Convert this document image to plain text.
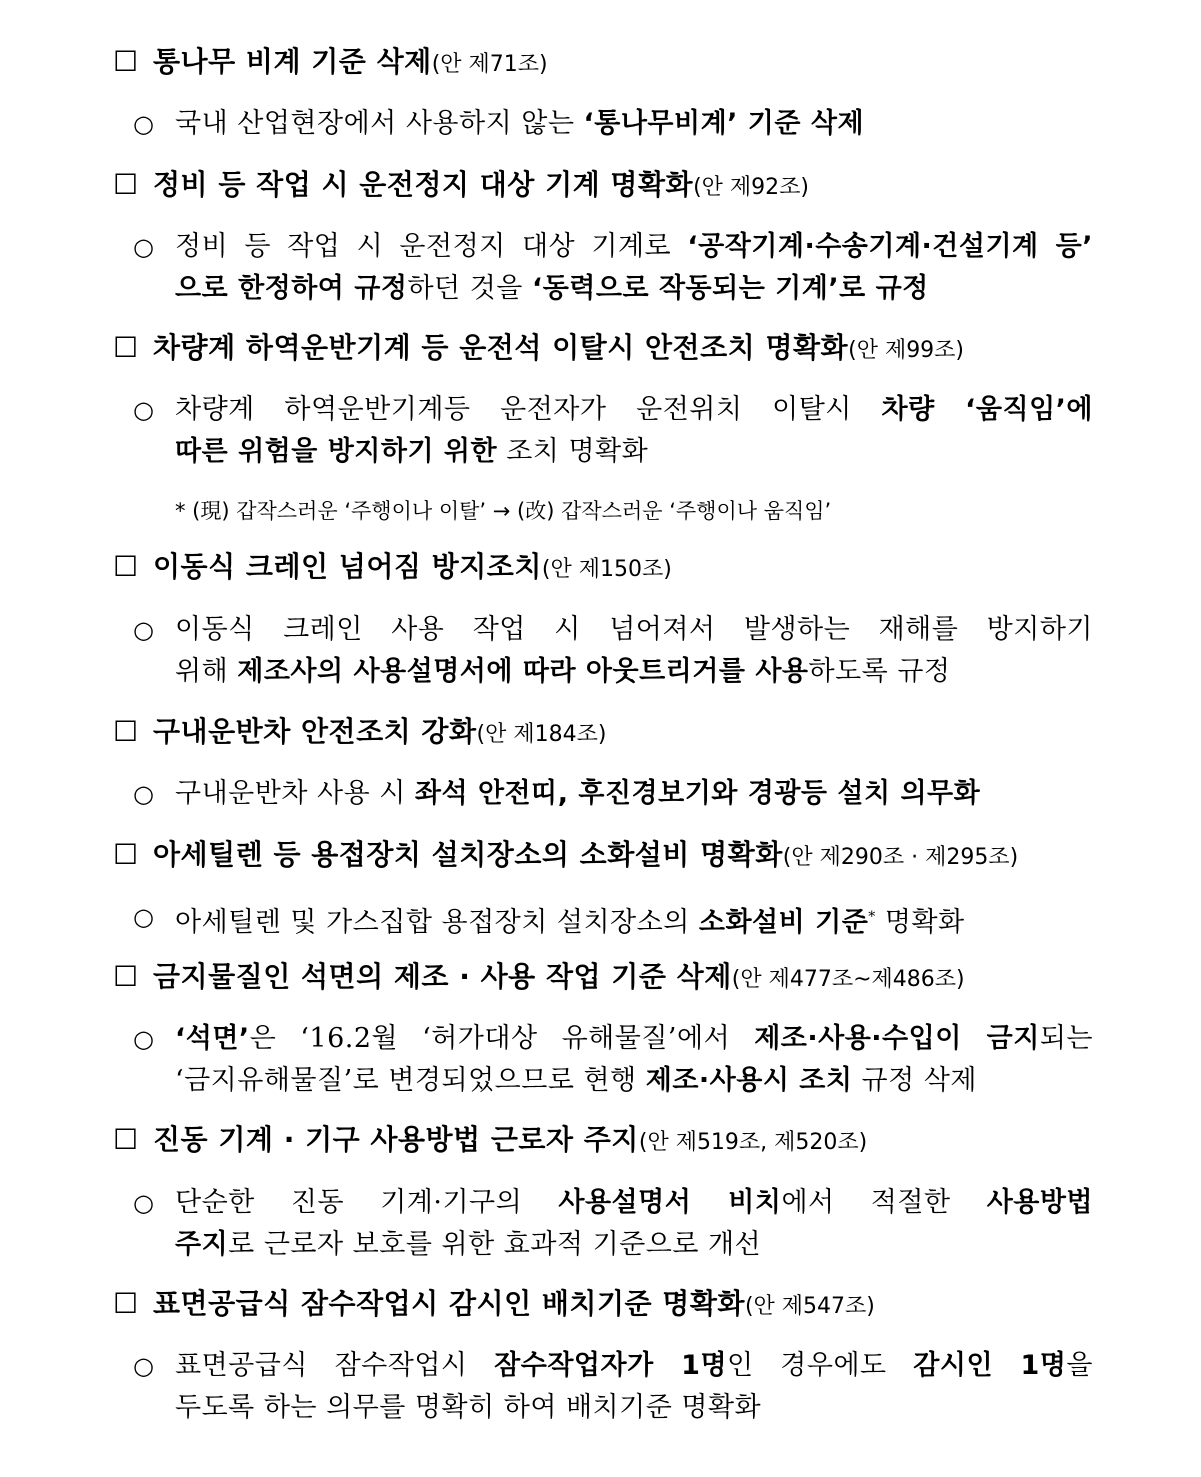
☐ 통나무 비계 기준 삭제(안 제71조)
○ 국내 산업현장에서 사용하지 않는 ‘통나무비계’ 기준 삭제
☐ 정비 등 작업 시 운전정지 대상 기계 명확화(안 제92조)
○ 정비 등 작업 시 운전정지 대상 기계로 ‘공작기계·수송기계·건설기계 등’
으로 한정하여 규정하던 것을 ‘동력으로 작동되는 기계’로 규정
☐ 차량계 하역운반기계 등 운전석 이탈시 안전조치 명확화(안 제99조)
○ 차량계 하역운반기계등 운전자가 운전위치 이탈시 차량 ‘움직임’에
따른 위험을 방지하기 위한 조치 명확화
* (現) 갑작스러운 ‘주행이나 이탈’ → (改) 갑작스러운 ‘주행이나 움직임’
☐ 이동식 크레인 넘어짐 방지조치(안 제150조)
○ 이동식 크레인 사용 작업 시 넘어져서 발생하는 재해를 방지하기
위해 제조사의 사용설명서에 따라 아웃트리거를 사용하도록 규정
☐ 구내운반차 안전조치 강화(안 제184조)
○ 구내운반차 사용 시 좌석 안전띠, 후진경보기와 경광등 설치 의무화
☐ 아세틸렌 등 용접장치 설치장소의 소화설비 명확화(안 제290조 · 제295조)
○ 아세틸렌 및 가스집합 용접장치 설치장소의 소화설비 기준* 명확화
☐ 금지물질인 석면의 제조 · 사용 작업 기준 삭제(안 제477조~제486조)
○ ‘석면’은 ‘16.2월 ‘허가대상 유해물질’에서 제조·사용·수입이 금지되는
‘금지유해물질’로 변경되었으므로 현행 제조·사용시 조치 규정 삭제
☐ 진동 기계 · 기구 사용방법 근로자 주지(안 제519조, 제520조)
○ 단순한 진동 기계·기구의 사용설명서 비치에서 적절한 사용방법
주지로 근로자 보호를 위한 효과적 기준으로 개선
☐ 표면공급식 잠수작업시 감시인 배치기준 명확화(안 제547조)
○ 표면공급식 잠수작업시 잠수작업자가 1명인 경우에도 감시인 1명을
두도록 하는 의무를 명확히 하여 배치기준 명확화
